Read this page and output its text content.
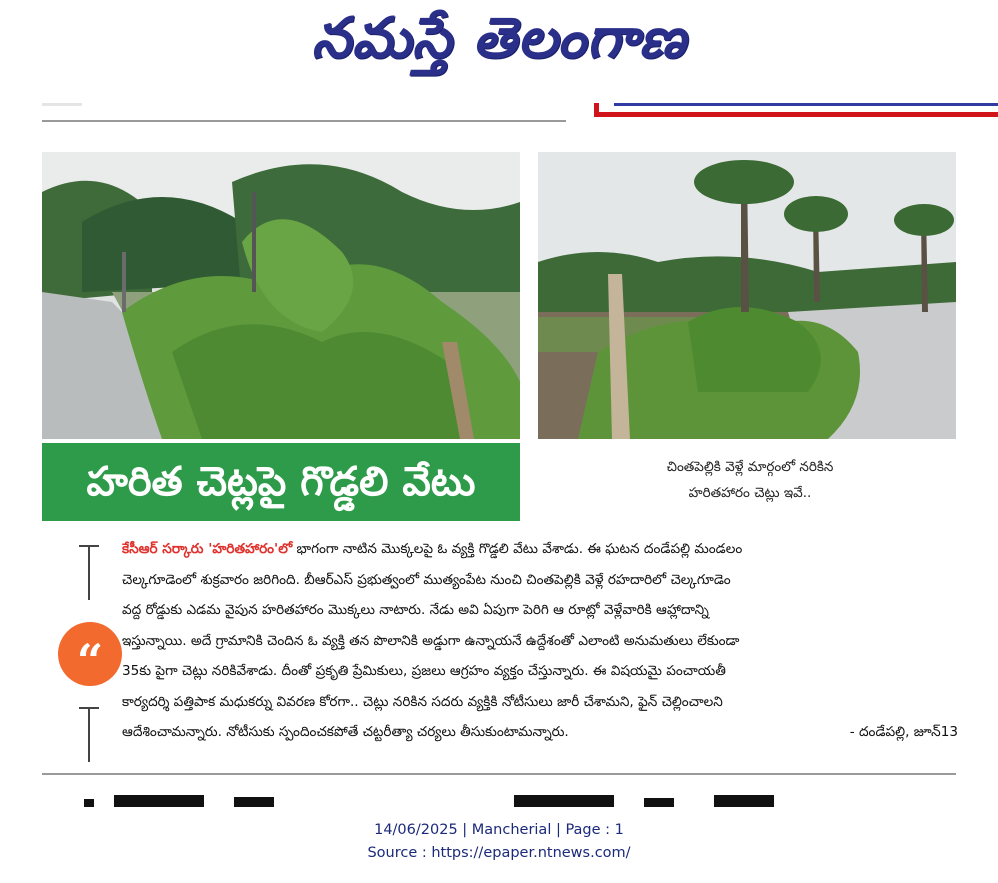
నమస్తే తెలంగాణ
హరిత చెట్లపై గొడ్డలి వేటు	చింతపెల్లికి వెళ్లే మార్గంలో నరికిన
హరితహారం చెట్లు ఇవే..
“
కేసీఆర్ సర్కారు 'హరితహారం'లో భాగంగా నాటిన మొక్కలపై ఓ వ్యక్తి గొడ్డలి వేటు వేశాడు. ఈ ఘటన దండేపల్లి మండలం
చెల్కగూడెంలో శుక్రవారం జరిగింది. బీఆర్ఎస్ ప్రభుత్వంలో ముత్యంపేట నుంచి చింతపెల్లికి వెళ్లే రహదారిలో చెల్కగూడెం
వద్ద రోడ్డుకు ఎడమ వైపున హరితహారం మొక్కలు నాటారు. నేడు అవి ఏపుగా పెరిగి ఆ రూట్లో వెళ్లేవారికి ఆహ్లాదాన్ని
ఇస్తున్నాయి. అదే గ్రామానికి చెందిన ఓ వ్యక్తి తన పొలానికి అడ్డుగా ఉన్నాయనే ఉద్దేశంతో ఎలాంటి అనుమతులు లేకుండా
35కు పైగా చెట్లు నరికివేశాడు. దీంతో ప్రకృతి ప్రేమికులు, ప్రజలు ఆగ్రహం వ్యక్తం చేస్తున్నారు. ఈ విషయమై పంచాయతీ
కార్యదర్శి పత్తిపాక మధుకర్ను వివరణ కోరగా.. చెట్లు నరికిన సదరు వ్యక్తికి నోటీసులు జారీ చేశామని, ఫైన్ చెల్లించాలని
ఆదేశించామన్నారు. నోటీసుకు స్పందించకపోతే చట్టరీత్యా చర్యలు తీసుకుంటామన్నారు.	- దండేపల్లి, జూన్13
14/06/2025 | Mancherial | Page : 1
Source : https://epaper.ntnews.com/
